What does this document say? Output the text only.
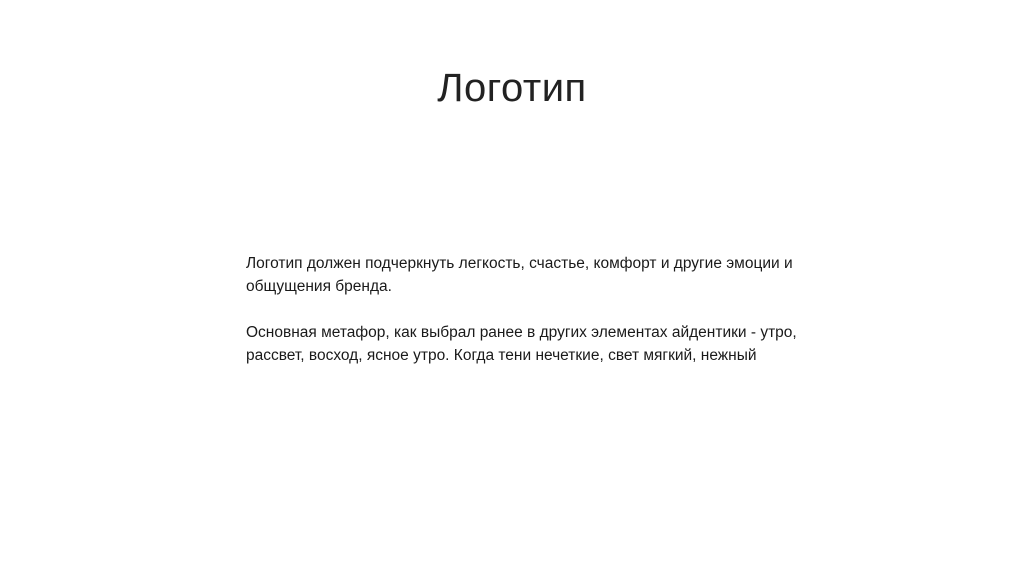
Логотип

Логотип должен подчеркнуть легкость, счастье, комфорт и другие эмоции и общущения бренда.

Основная метафор, как выбрал ранее в других элементах айдентики - утро, рассвет, восход, ясное утро. Когда тени нечеткие, свет мягкий, нежный
